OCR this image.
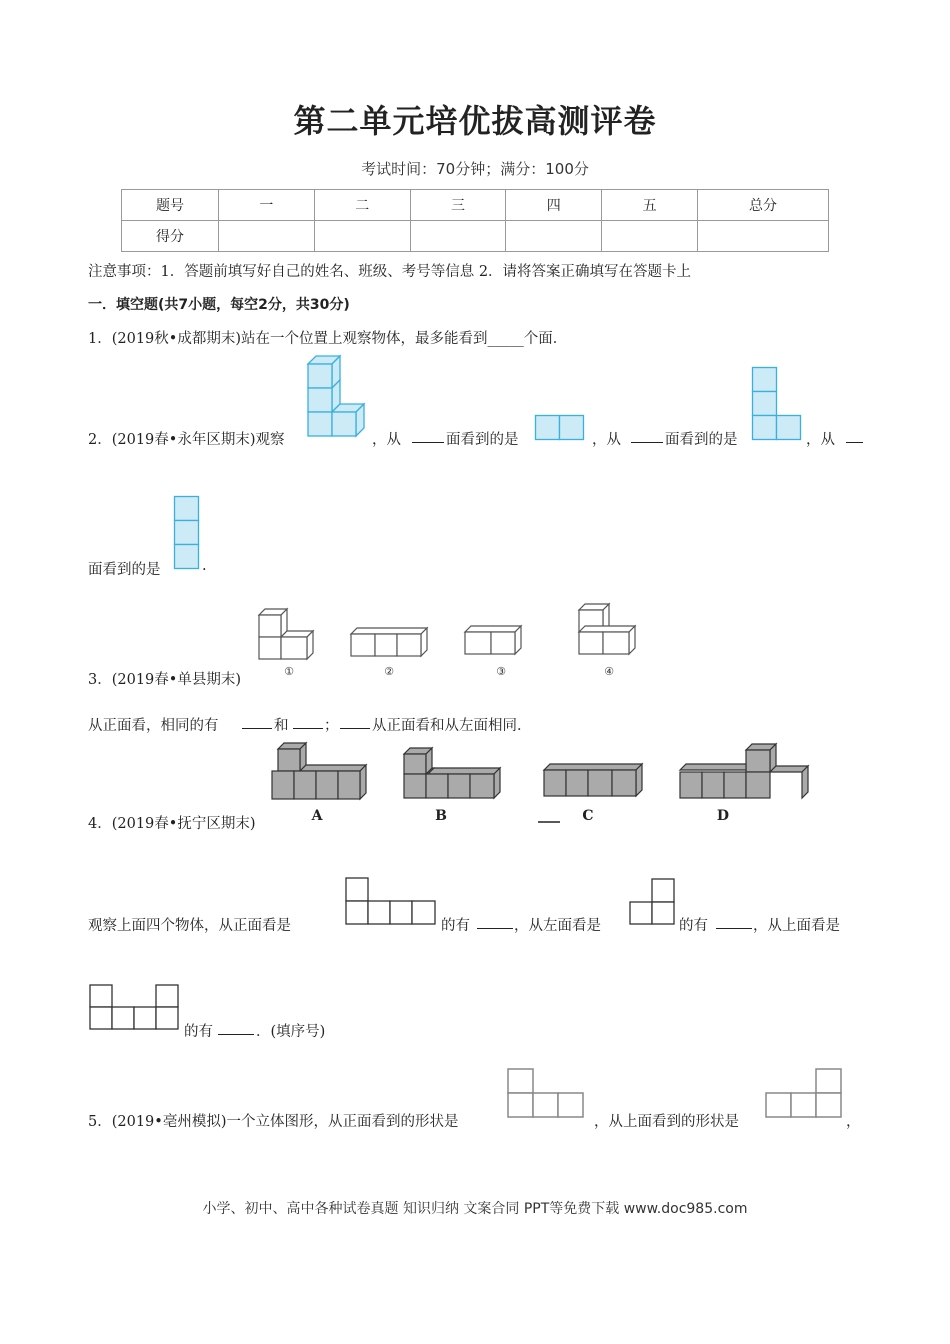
第二单元培优拔高测评卷
考试时间：70分钟；满分：100分
题号	一	二	三	四	五	总分
得分						
注意事项：1．答题前填写好自己的姓名、班级、考号等信息 2．请将答案正确填写在答题卡上
一．填空题(共7小题，每空2分，共30分)
1．(2019秋•成都期末)站在一个位置上观察物体，最多能看到_____个面．
2．(2019春•永年区期末)观察	，从	面看到的是	，从	面看到的是	，从
面看到的是	.
①	②	③	④
3．(2019春•单县期末)
从正面看，相同的有	和 ； 从正面看和从左面相同．
A	B	C	D
4．(2019春•抚宁区期末)
观察上面四个物体，从正面看是	的有	，从左面看是	的有	，从上面看是
的有	．(填序号)
5．(2019•亳州模拟)一个立体图形，从正面看到的形状是	，从上面看到的形状是	，
小学、初中、高中各种试卷真题 知识归纳 文案合同 PPT等免费下载 www.doc985.com
